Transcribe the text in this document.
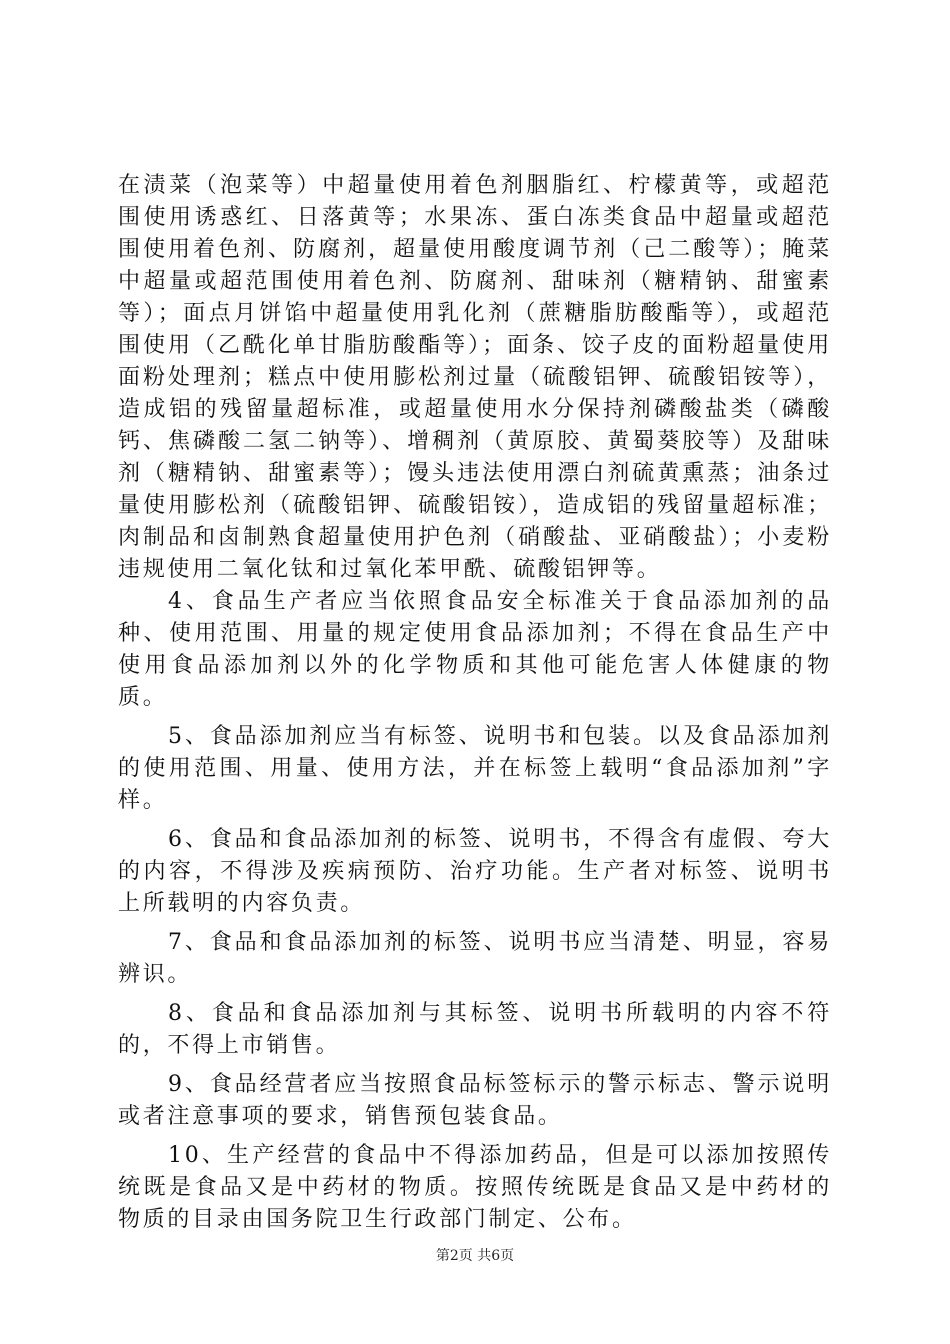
在渍菜（泡菜等）中超量使用着色剂胭脂红、柠檬黄等，或超范围使用诱惑红、日落黄等；水果冻、蛋白冻类食品中超量或超范围使用着色剂、防腐剂，超量使用酸度调节剂（己二酸等）；腌菜中超量或超范围使用着色剂、防腐剂、甜味剂（糖精钠、甜蜜素等）；面点月饼馅中超量使用乳化剂（蔗糖脂肪酸酯等），或超范围使用（乙酰化单甘脂肪酸酯等）；面条、饺子皮的面粉超量使用面粉处理剂；糕点中使用膨松剂过量（硫酸铝钾、硫酸铝铵等），造成铝的残留量超标准，或超量使用水分保持剂磷酸盐类（磷酸钙、焦磷酸二氢二钠等）、增稠剂（黄原胶、黄蜀葵胶等）及甜味剂（糖精钠、甜蜜素等）；馒头违法使用漂白剂硫黄熏蒸；油条过量使用膨松剂（硫酸铝钾、硫酸铝铵），造成铝的残留量超标准；肉制品和卤制熟食超量使用护色剂（硝酸盐、亚硝酸盐）；小麦粉违规使用二氧化钛和过氧化苯甲酰、硫酸铝钾等。

4、食品生产者应当依照食品安全标准关于食品添加剂的品种、使用范围、用量的规定使用食品添加剂；不得在食品生产中使用食品添加剂以外的化学物质和其他可能危害人体健康的物质。

5、食品添加剂应当有标签、说明书和包装。以及食品添加剂的使用范围、用量、使用方法，并在标签上载明“食品添加剂”字样。

6、食品和食品添加剂的标签、说明书，不得含有虚假、夸大的内容，不得涉及疾病预防、治疗功能。生产者对标签、说明书上所载明的内容负责。

7、食品和食品添加剂的标签、说明书应当清楚、明显，容易辨识。

8、食品和食品添加剂与其标签、说明书所载明的内容不符的，不得上市销售。

9、食品经营者应当按照食品标签标示的警示标志、警示说明或者注意事项的要求，销售预包装食品。

10、生产经营的食品中不得添加药品，但是可以添加按照传统既是食品又是中药材的物质。按照传统既是食品又是中药材的物质的目录由国务院卫生行政部门制定、公布。

第2页 共6页
